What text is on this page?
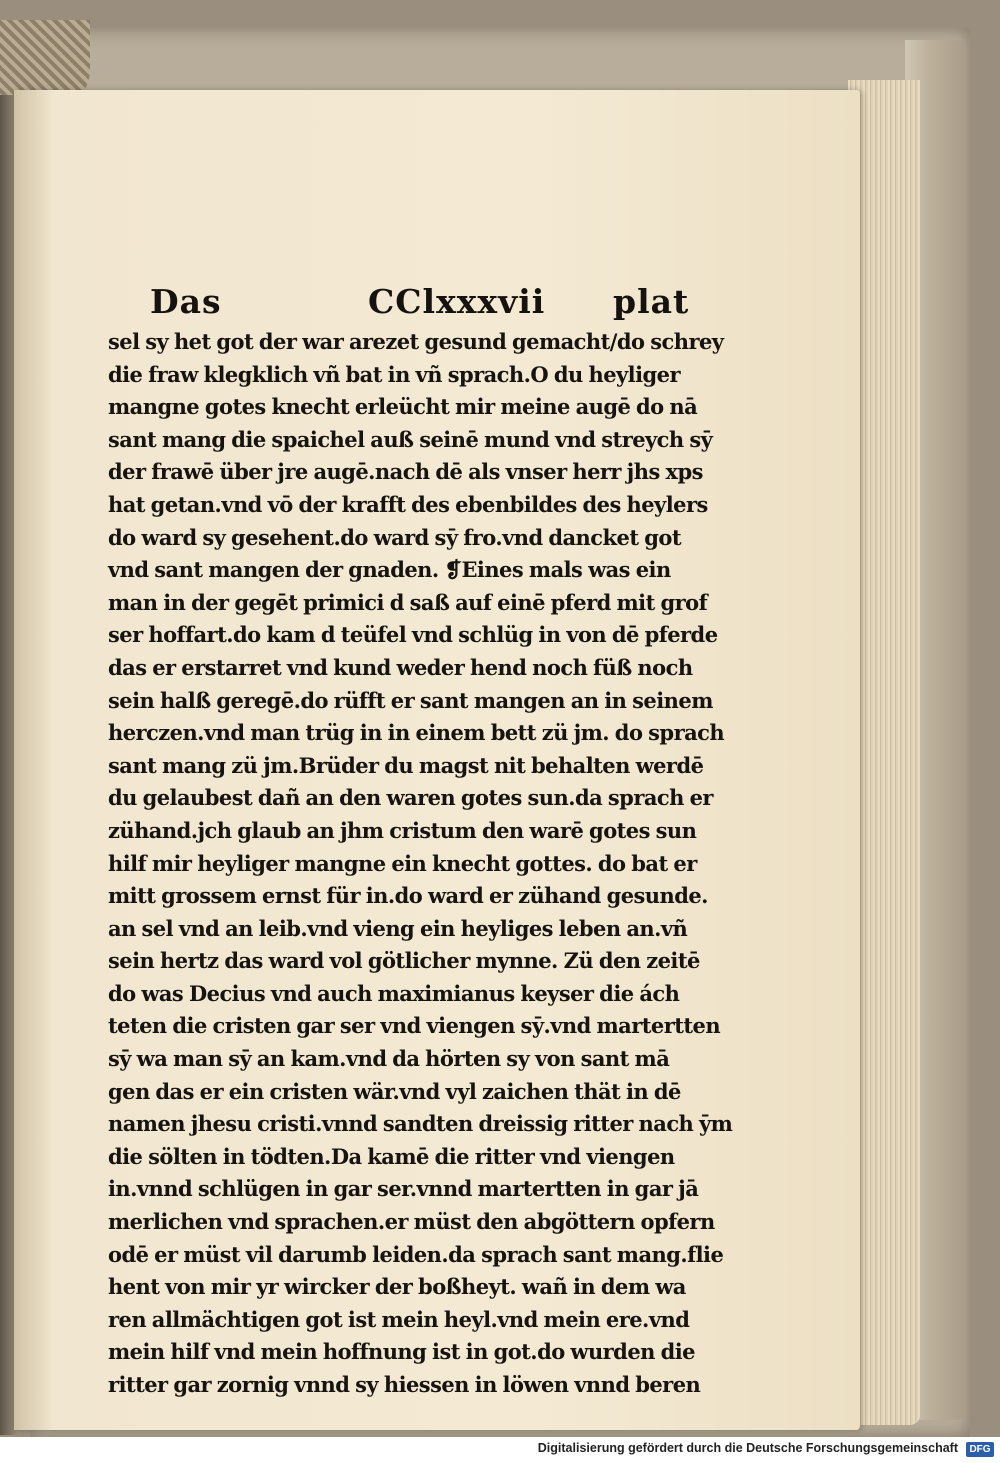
Das	CClxxxvii plat
sel sy het got der war arezet gesund gemacht/do schrey
die fraw klegklich vñ bat in vñ sprach.O du heyliger
mangne gotes knecht erleücht mir meine augē do nā
sant mang die spaichel auß seinē mund vnd streych sȳ
der frawē über jre augē.nach dē als vnser herr jhs xps
hat getan.vnd vō der krafft des ebenbildes des heylers
do ward sy gesehent.do ward sȳ fro.vnd dancket got
vnd sant mangen der gnaden. ❡Eines mals was ein
man in der gegēt primici d saß auf einē pferd mit grof
ser hoffart.do kam d teüfel vnd schlüg in von dē pferde
das er erstarret vnd kund weder hend noch füß noch
sein halß geregē.do rüfft er sant mangen an in seinem
herczen.vnd man trüg in in einem bett zü jm. do sprach
sant mang zü jm.Brüder du magst nit behalten werdē
du gelaubest dañ an den waren gotes sun.da sprach er
zühand.jch glaub an jhm cristum den warē gotes sun
hilf mir heyliger mangne ein knecht gottes. do bat er
mitt grossem ernst für in.do ward er zühand gesunde.
an sel vnd an leib.vnd vieng ein heyliges leben an.vñ
sein hertz das ward vol götlicher mynne. Zü den zeitē
do was Decius vnd auch maximianus keyser die ách
teten die cristen gar ser vnd viengen sȳ.vnd martertten
sȳ wa man sȳ an kam.vnd da hörten sy von sant mā
gen das er ein cristen wär.vnd vyl zaichen thät in dē
namen jhesu cristi.vnnd sandten dreissig ritter nach ȳm
die sölten in tödten.Da kamē die ritter vnd viengen
in.vnnd schlügen in gar ser.vnnd martertten in gar jā
merlichen vnd sprachen.er müst den abgöttern opfern
odē er müst vil darumb leiden.da sprach sant mang.flie
hent von mir yr wircker der boßheyt. wañ in dem wa
ren allmächtigen got ist mein heyl.vnd mein ere.vnd
mein hilf vnd mein hoffnung ist in got.do wurden die
ritter gar zornig vnnd sy hiessen in löwen vnnd beren
Digitalisierung gefördert durch die Deutsche Forschungsgemeinschaft	DFG
